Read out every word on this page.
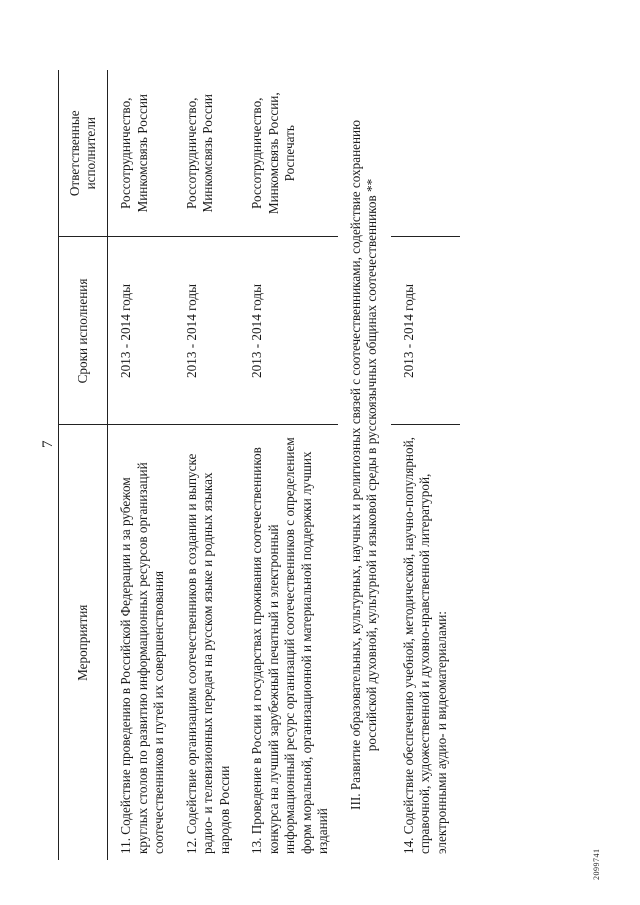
7
Мероприятия	Сроки исполнения	Ответственные исполнители
11. Содействие проведению в Российской Федерации и за рубежом круглых столов по развитию информационных ресурсов организаций соотечественников и путей их совершенствования	2013 - 2014 годы	Россотрудничество, Минкомсвязь России
12. Содействие организациям соотечественников в создании и выпуске радио- и телевизионных передач на русском языке и родных языках народов России	2013 - 2014 годы	Россотрудничество, Минкомсвязь России
13. Проведение в России и государствах проживания соотечественников конкурса на лучший зарубежный печатный и электронный информационный ресурс организаций соотечественников с определением форм моральной, организационной и материальной поддержки лучших изданий	2013 - 2014 годы	Россотрудничество, Минкомсвязь России, Роспечать
III. Развитие образовательных, культурных, научных и религиозных связей с соотечественниками, содействие сохранению российской духовной, культурной и языковой среды в русскоязычных общинах соотечественников **		
14. Содействие обеспечению учебной, методической, научно-популярной, справочной, художественной и духовно-нравственной литературой, электронными аудио- и видеоматериалами:	2013 - 2014 годы	
2099741
